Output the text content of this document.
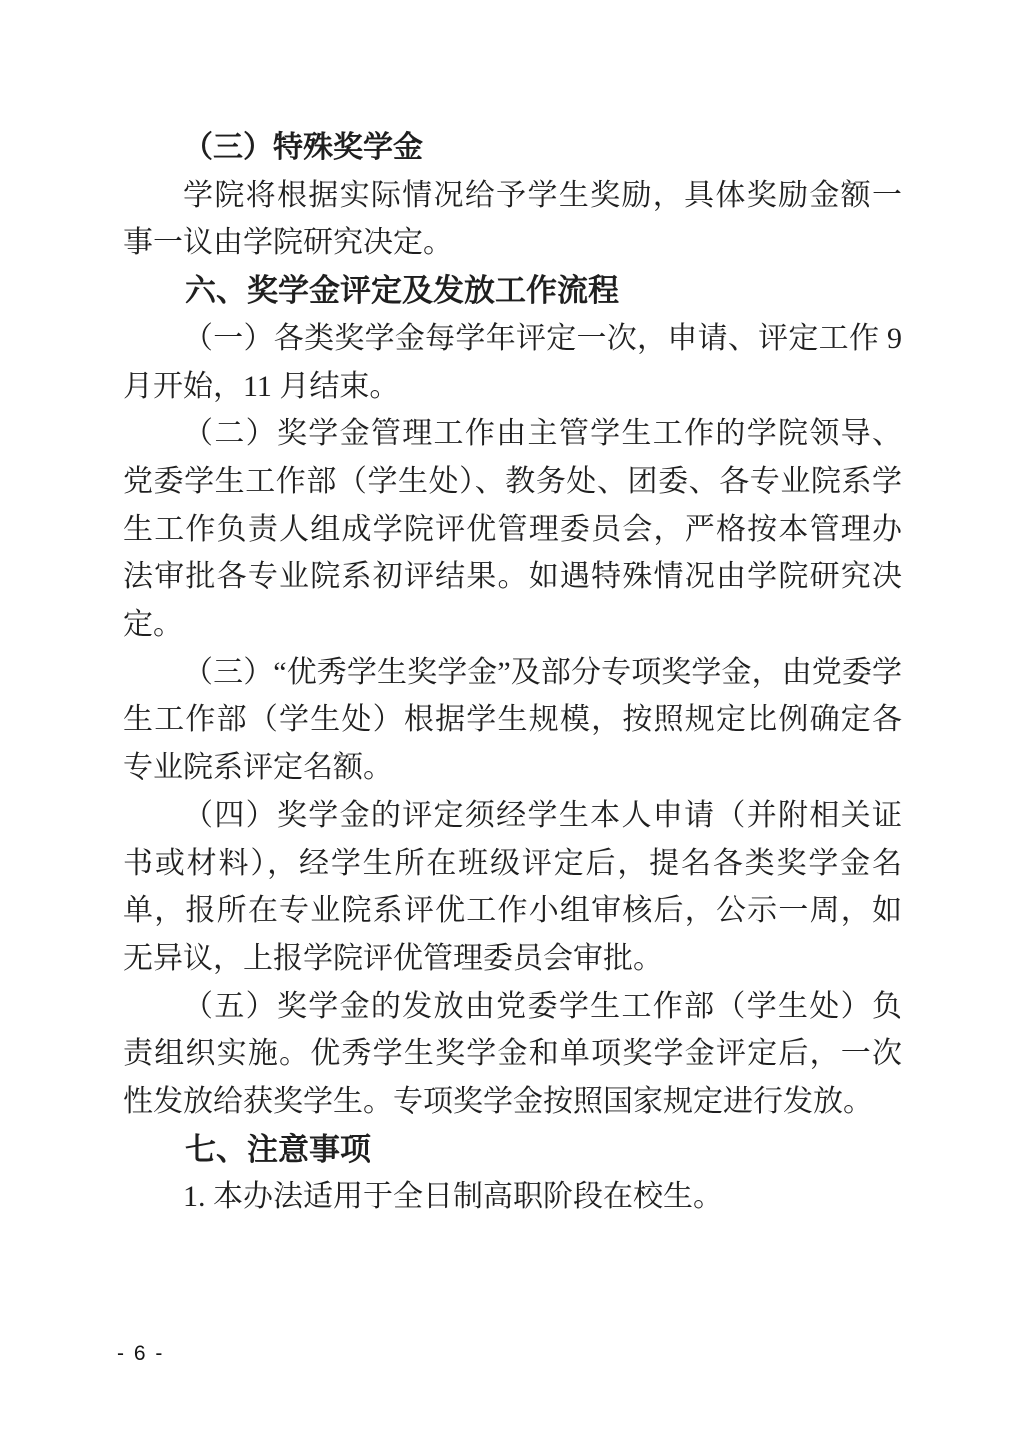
（三）特殊奖学金

学院将根据实际情况给予学生奖励，具体奖励金额一事一议由学院研究决定。

六、奖学金评定及发放工作流程

（一）各类奖学金每学年评定一次，申请、评定工作 9 月开始，11 月结束。

（二）奖学金管理工作由主管学生工作的学院领导、党委学生工作部（学生处）、教务处、团委、各专业院系学生工作负责人组成学院评优管理委员会，严格按本管理办法审批各专业院系初评结果。如遇特殊情况由学院研究决定。

（三）“优秀学生奖学金”及部分专项奖学金，由党委学生工作部（学生处）根据学生规模，按照规定比例确定各专业院系评定名额。

（四）奖学金的评定须经学生本人申请（并附相关证书或材料），经学生所在班级评定后，提名各类奖学金名单，报所在专业院系评优工作小组审核后，公示一周，如无异议，上报学院评优管理委员会审批。

（五）奖学金的发放由党委学生工作部（学生处）负责组织实施。优秀学生奖学金和单项奖学金评定后，一次性发放给获奖学生。专项奖学金按照国家规定进行发放。

七、注意事项

1. 本办法适用于全日制高职阶段在校生。

- 6 -
